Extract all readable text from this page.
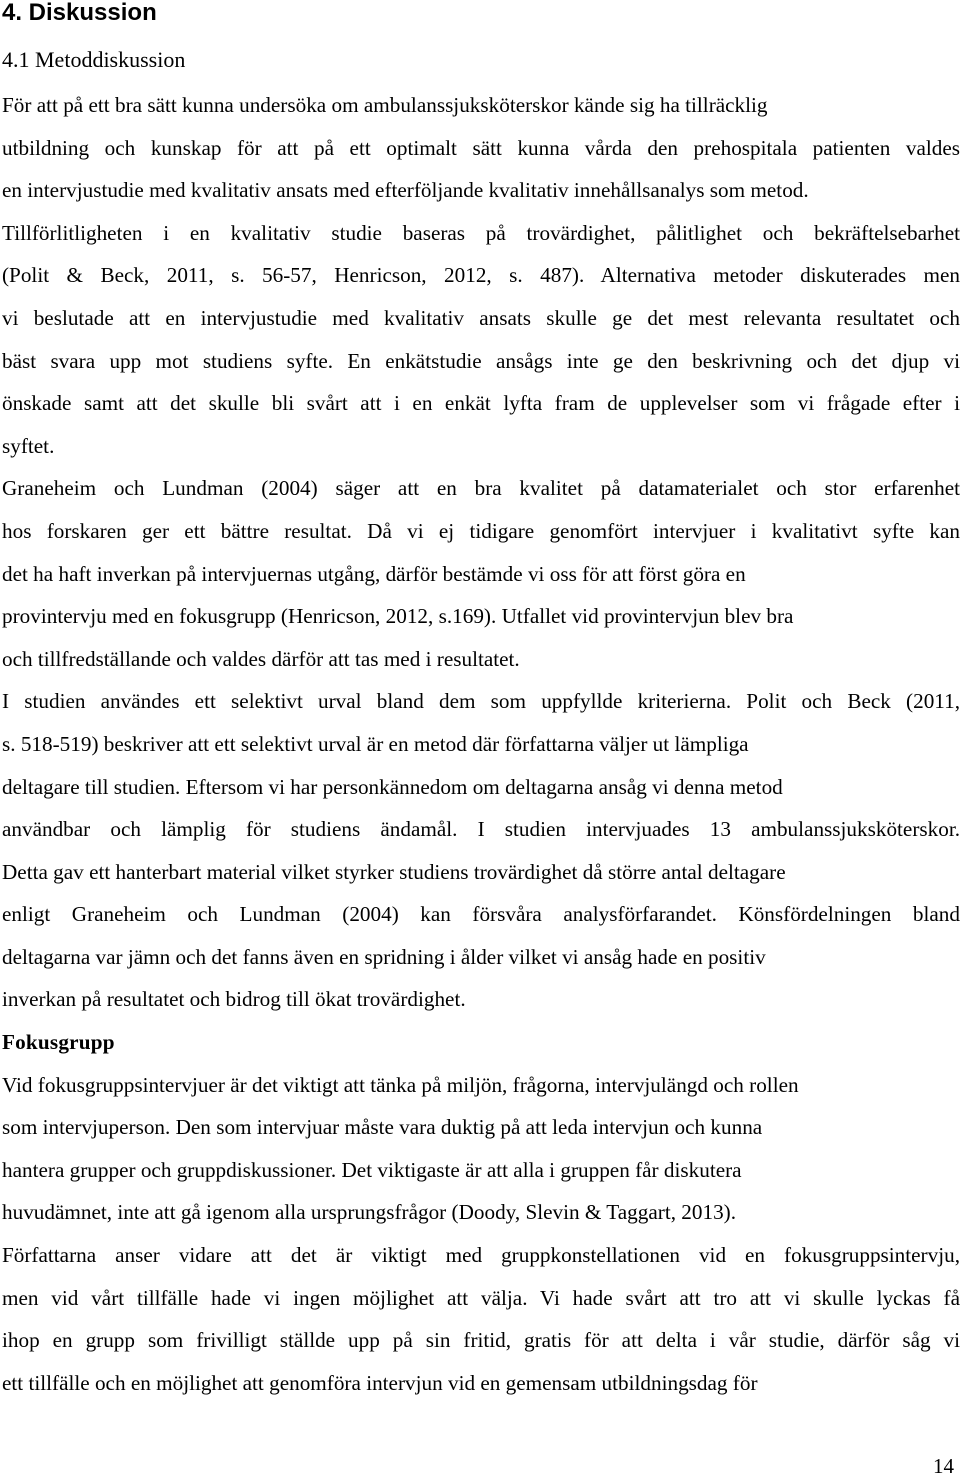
4. Diskussion
4.1 Metoddiskussion
För att på ett bra sätt kunna undersöka om ambulanssjuksköterskor kände sig ha tillräcklig
utbildning och kunskap för att på ett optimalt sätt kunna vårda den prehospitala patienten valdes
en intervjustudie med kvalitativ ansats med efterföljande kvalitativ innehållsanalys som metod.
Tillförlitligheten i en kvalitativ studie baseras på trovärdighet, pålitlighet och bekräftelsebarhet
(Polit & Beck, 2011, s. 56-57, Henricson, 2012, s. 487). Alternativa metoder diskuterades men
vi beslutade att en intervjustudie med kvalitativ ansats skulle ge det mest relevanta resultatet och
bäst svara upp mot studiens syfte. En enkätstudie ansågs inte ge den beskrivning och det djup vi
önskade samt att det skulle bli svårt att i en enkät lyfta fram de upplevelser som vi frågade efter i
syftet.
Graneheim och Lundman (2004) säger att en bra kvalitet på datamaterialet och stor erfarenhet
hos forskaren ger ett bättre resultat. Då vi ej tidigare genomfört intervjuer i kvalitativt syfte kan
det ha haft inverkan på intervjuernas utgång, därför bestämde vi oss för att först göra en
provintervju med en fokusgrupp (Henricson, 2012, s.169). Utfallet vid provintervjun blev bra
och tillfredställande och valdes därför att tas med i resultatet.
I studien användes ett selektivt urval bland dem som uppfyllde kriterierna. Polit och Beck (2011,
s. 518-519) beskriver att ett selektivt urval är en metod där författarna väljer ut lämpliga
deltagare till studien. Eftersom vi har personkännedom om deltagarna ansåg vi denna metod
användbar och lämplig för studiens ändamål. I studien intervjuades 13 ambulanssjuksköterskor.
Detta gav ett hanterbart material vilket styrker studiens trovärdighet då större antal deltagare
enligt Graneheim och Lundman (2004) kan försvåra analysförfarandet. Könsfördelningen bland
deltagarna var jämn och det fanns även en spridning i ålder vilket vi ansåg hade en positiv
inverkan på resultatet och bidrog till ökat trovärdighet.
Fokusgrupp
Vid fokusgruppsintervjuer är det viktigt att tänka på miljön, frågorna, intervjulängd och rollen
som intervjuperson. Den som intervjuar måste vara duktig på att leda intervjun och kunna
hantera grupper och gruppdiskussioner. Det viktigaste är att alla i gruppen får diskutera
huvudämnet, inte att gå igenom alla ursprungsfrågor (Doody, Slevin & Taggart, 2013).
Författarna anser vidare att det är viktigt med gruppkonstellationen vid en fokusgruppsintervju,
men vid vårt tillfälle hade vi ingen möjlighet att välja. Vi hade svårt att tro att vi skulle lyckas få
ihop en grupp som frivilligt ställde upp på sin fritid, gratis för att delta i vår studie, därför såg vi
ett tillfälle och en möjlighet att genomföra intervjun vid en gemensam utbildningsdag för
14
